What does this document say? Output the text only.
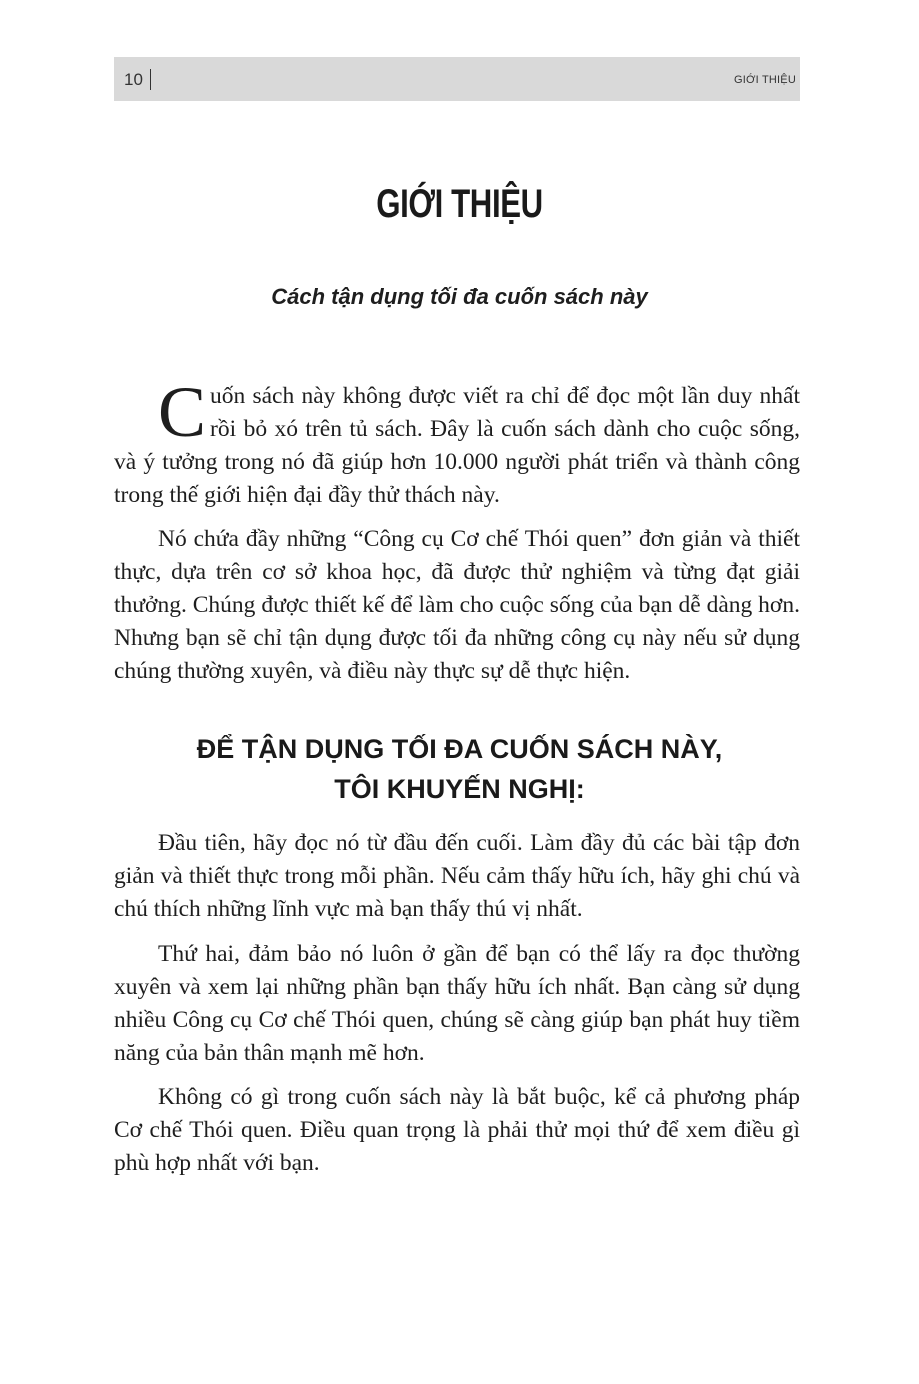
10	GIỚI THIỆU
GIỚI THIỆU
Cách tận dụng tối đa cuốn sách này

Cuốn sách này không được viết ra chỉ để đọc một lần duy nhất rồi bỏ xó trên tủ sách. Đây là cuốn sách dành cho cuộc sống, và ý tưởng trong nó đã giúp hơn 10.000 người phát triển và thành công trong thế giới hiện đại đầy thử thách này.

Nó chứa đầy những “Công cụ Cơ chế Thói quen” đơn giản và thiết thực, dựa trên cơ sở khoa học, đã được thử nghiệm và từng đạt giải thưởng. Chúng được thiết kế để làm cho cuộc sống của bạn dễ dàng hơn. Nhưng bạn sẽ chỉ tận dụng được tối đa những công cụ này nếu sử dụng chúng thường xuyên, và điều này thực sự dễ thực hiện.

ĐỂ TẬN DỤNG TỐI ĐA CUỐN SÁCH NÀY,
TÔI KHUYẾN NGHỊ:

Đầu tiên, hãy đọc nó từ đầu đến cuối. Làm đầy đủ các bài tập đơn giản và thiết thực trong mỗi phần. Nếu cảm thấy hữu ích, hãy ghi chú và chú thích những lĩnh vực mà bạn thấy thú vị nhất.

Thứ hai, đảm bảo nó luôn ở gần để bạn có thể lấy ra đọc thường xuyên và xem lại những phần bạn thấy hữu ích nhất. Bạn càng sử dụng nhiều Công cụ Cơ chế Thói quen, chúng sẽ càng giúp bạn phát huy tiềm năng của bản thân mạnh mẽ hơn.

Không có gì trong cuốn sách này là bắt buộc, kể cả phương pháp Cơ chế Thói quen. Điều quan trọng là phải thử mọi thứ để xem điều gì phù hợp nhất với bạn.
